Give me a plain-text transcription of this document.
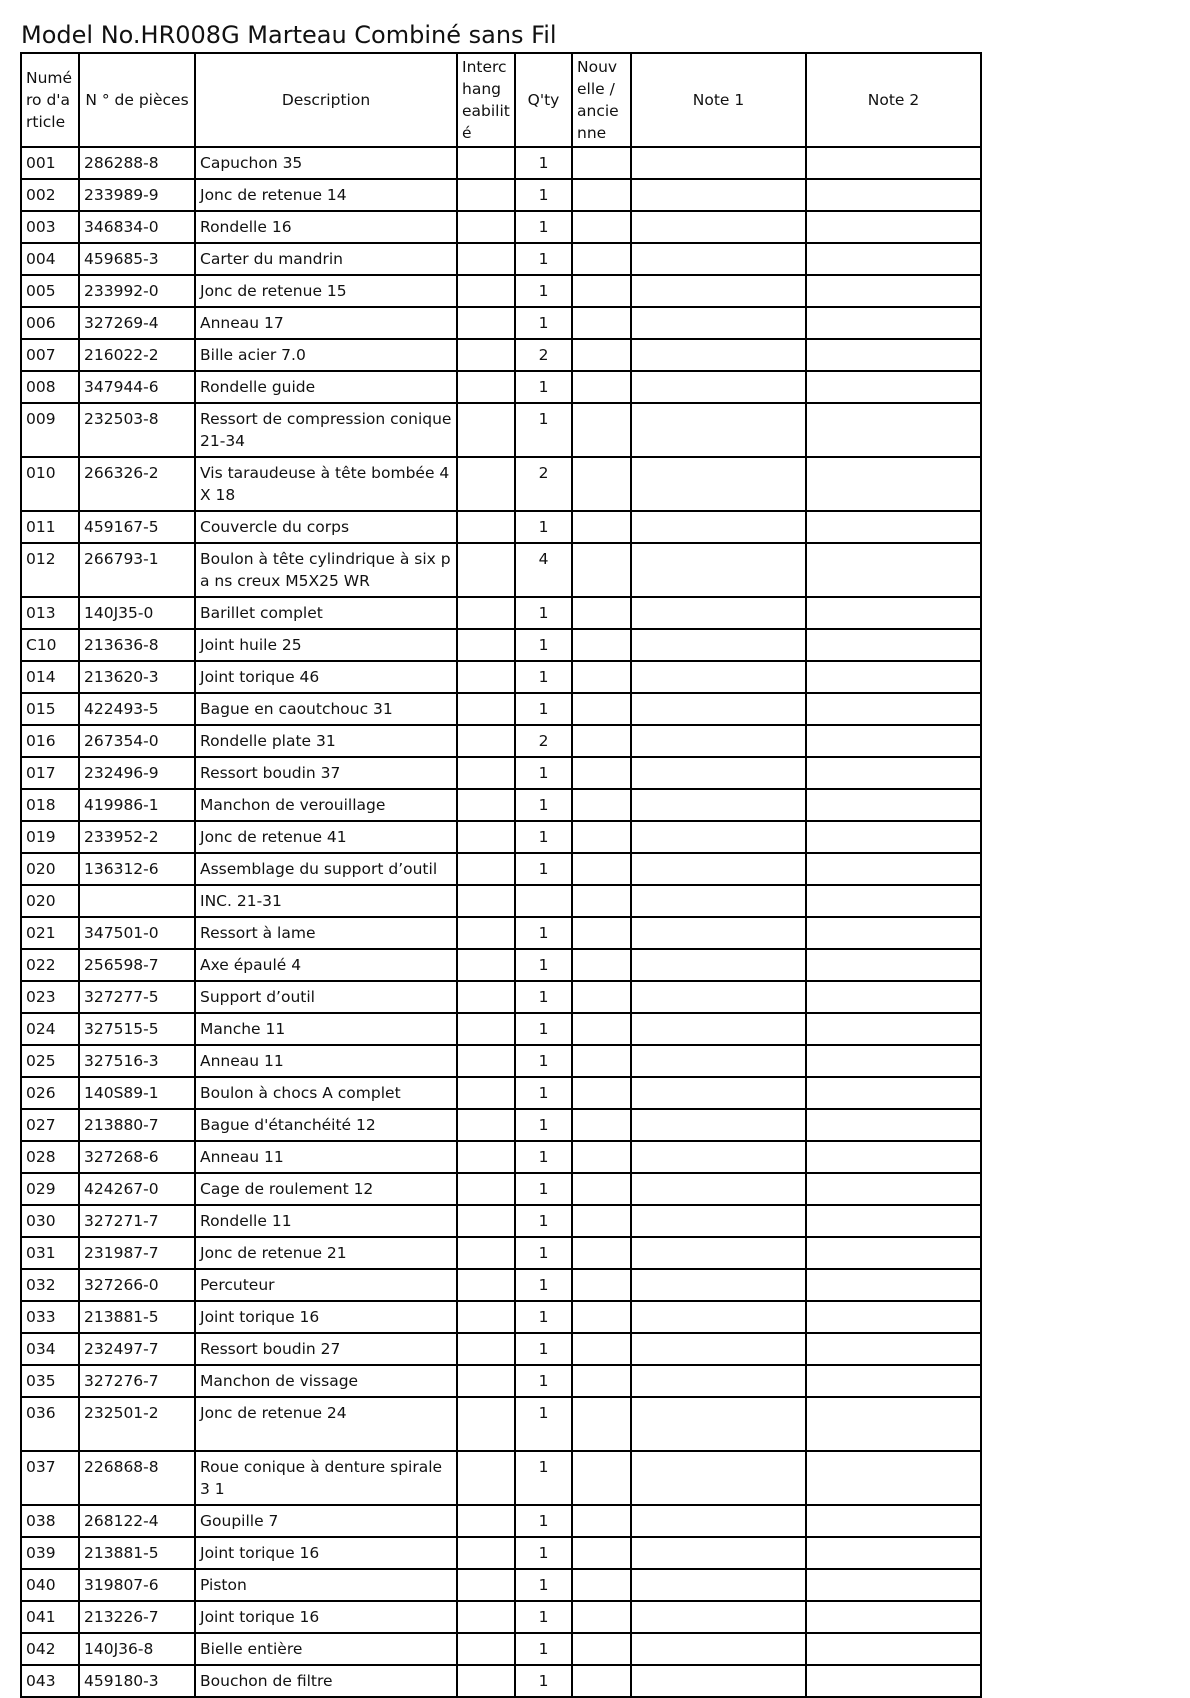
Model No.HR008G Marteau Combiné sans Fil
Numé ro d'a rticle	N ° de pièces	Description	Interc hang eabilit é	Q'ty	Nouv elle / ancie nne	Note 1	Note 2
001	286288-8	Capuchon 35		1			
002	233989-9	Jonc de retenue 14		1			
003	346834-0	Rondelle 16		1			
004	459685-3	Carter du mandrin		1			
005	233992-0	Jonc de retenue 15		1			
006	327269-4	Anneau 17		1			
007	216022-2	Bille acier 7.0		2			
008	347944-6	Rondelle guide		1			
009	232503-8	Ressort de compression conique 21-34		1			
010	266326-2	Vis taraudeuse à tête bombée 4X 18		2			
011	459167-5	Couvercle du corps		1			
012	266793-1	Boulon à tête cylindrique à six pa ns creux M5X25 WR		4			
013	140J35-0	Barillet complet		1			
C10	213636-8	Joint huile 25		1			
014	213620-3	Joint torique 46		1			
015	422493-5	Bague en caoutchouc 31		1			
016	267354-0	Rondelle plate 31		2			
017	232496-9	Ressort boudin 37		1			
018	419986-1	Manchon de verouillage		1			
019	233952-2	Jonc de retenue 41		1			
020	136312-6	Assemblage du support d’outil		1			
020		INC. 21-31					
021	347501-0	Ressort à lame		1			
022	256598-7	Axe épaulé 4		1			
023	327277-5	Support d’outil		1			
024	327515-5	Manche 11		1			
025	327516-3	Anneau 11		1			
026	140S89-1	Boulon à chocs A complet		1			
027	213880-7	Bague d'étanchéité 12		1			
028	327268-6	Anneau 11		1			
029	424267-0	Cage de roulement 12		1			
030	327271-7	Rondelle 11		1			
031	231987-7	Jonc de retenue 21		1			
032	327266-0	Percuteur		1			
033	213881-5	Joint torique 16		1			
034	232497-7	Ressort boudin 27		1			
035	327276-7	Manchon de vissage		1			
036	232501-2	Jonc de retenue 24		1			
037	226868-8	Roue conique à denture spirale 3 1		1			
038	268122-4	Goupille 7		1			
039	213881-5	Joint torique 16		1			
040	319807-6	Piston		1			
041	213226-7	Joint torique 16		1			
042	140J36-8	Bielle entière		1			
043	459180-3	Bouchon de filtre		1			
